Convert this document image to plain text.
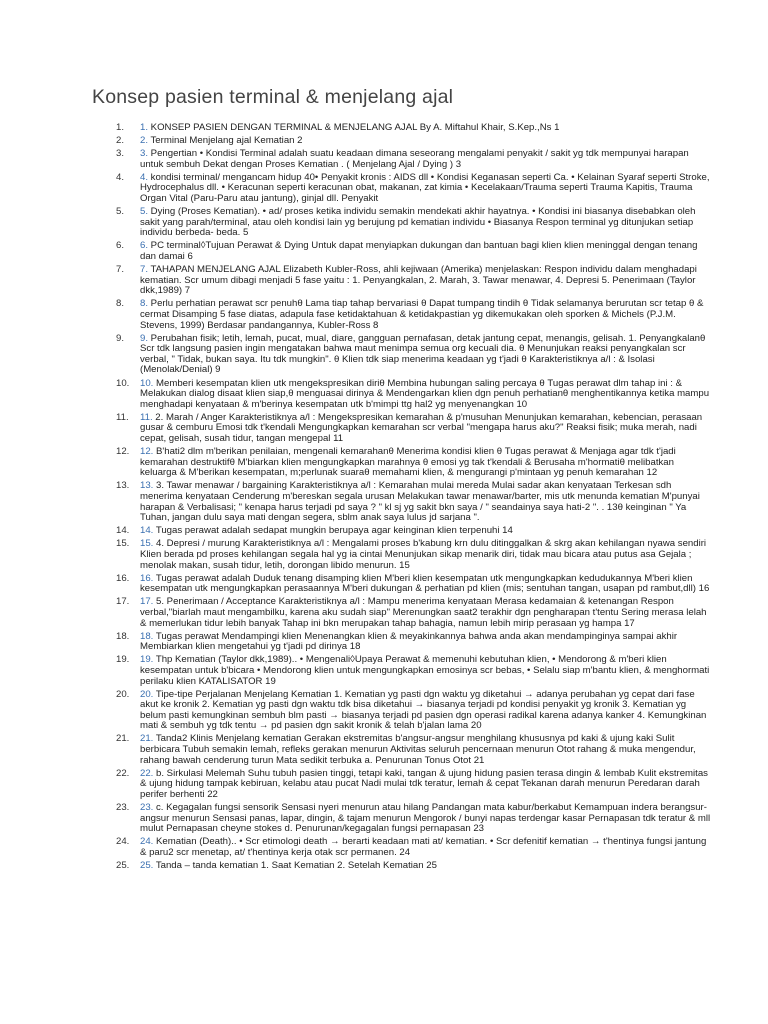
Konsep pasien terminal & menjelang ajal
1. 1. KONSEP PASIEN DENGAN TERMINAL & MENJELANG AJAL By A. Miftahul Khair, S.Kep.,Ns 1
2. 2. Terminal Menjelang ajal Kematian 2
3. 3. Pengertian • Kondisi Terminal adalah suatu keadaan dimana seseorang mengalami penyakit / sakit yg tdk mempunyai harapan untuk sembuh Dekat dengan Proses Kematian . ( Menjelang Ajal / Dying ) 3
4. 4. kondisi terminal/ mengancam hidup 40• Penyakit kronis : AIDS dll • Kondisi Keganasan seperti Ca. • Kelainan Syaraf seperti Stroke, Hydrocephalus dll. • Keracunan seperti keracunan obat, makanan, zat kimia • Kecelakaan/Trauma seperti Trauma Kapitis, Trauma Organ Vital (Paru-Paru atau jantung), ginjal dll. Penyakit
5. 5. Dying (Proses Kematian). • ad/ proses ketika individu semakin mendekati akhir hayatnya. • Kondisi ini biasanya disebabkan oleh sakit yang parah/terminal, atau oleh kondisi lain yg berujung pd kematian individu • Biasanya Respon terminal yg ditunjukan setiap individu berbeda- beda. 5
6. 6. PC terminal◊Tujuan Perawat & Dying Untuk dapat menyiapkan dukungan dan bantuan bagi klien klien meninggal dengan tenang dan damai 6
7. 7. TAHAPAN MENJELANG AJAL Elizabeth Kubler-Ross, ahli kejiwaan (Amerika) menjelaskan: Respon individu dalam menghadapi kematian. Scr umum dibagi menjadi 5 fase yaitu : 1. Penyangkalan, 2. Marah, 3. Tawar menawar, 4. Depresi 5. Penerimaan (Taylor dkk,1989) 7
8. 8. Perlu perhatian perawat scr penuhθ Lama tiap tahap bervariasi θ Dapat tumpang tindih θ Tidak selamanya berurutan scr tetap θ & cermat Disamping 5 fase diatas, adapula fase ketidaktahuan & ketidakpastian yg dikemukakan oleh sporken & Michels (P.J.M. Stevens, 1999) Berdasar pandangannya, Kubler-Ross 8
9. 9. Perubahan fisik; letih, lemah, pucat, mual, diare, gangguan pernafasan, detak jantung cepat, menangis, gelisah. 1. Penyangkalanθ Scr tdk langsung pasien ingin mengatakan bahwa maut menimpa semua org kecuali dia. θ Menunjukan reaksi penyangkalan scr verbal, " Tidak, bukan saya. Itu tdk mungkin". θ Klien tdk siap menerima keadaan yg t'jadi θ Karakteristiknya a/l : & Isolasi (Menolak/Denial) 9
10. 10. Memberi kesempatan klien utk mengekspresikan diriθ Membina hubungan saling percaya θ Tugas perawat dlm tahap ini : & Melakukan dialog disaat klien siap,θ menguasai dirinya & Mendengarkan klien dgn penuh perhatianθ menghentikannya ketika mampu menghadapi kenyataan & m'berinya kesempatan utk b'mimpi ttg hal2 yg menyenangkan 10
11. 11. 2. Marah / Anger Karakteristiknya a/l : Mengekspresikan kemarahan & p'musuhan Menunjukan kemarahan, kebencian, perasaan gusar & cemburu Emosi tdk t'kendali Mengungkapkan kemarahan scr verbal "mengapa harus aku?" Reaksi fisik; muka merah, nadi cepat, gelisah, susah tidur, tangan mengepal 11
12. 12. B'hati2 dlm m'berikan penilaian, mengenali kemarahanθ Menerima kondisi klien θ Tugas perawat & Menjaga agar tdk t'jadi kemarahan destruktifθ M'biarkan klien mengungkapkan marahnya θ emosi yg tak t'kendali & Berusaha m'hormatiθ melibatkan keluarga & M'berikan kesempatan, m;perlunak suaraθ memahami klien, & mengurangi p'mintaan yg penuh kemarahan 12
13. 13. 3. Tawar menawar / bargaining Karakteristiknya a/l : Kemarahan mulai mereda Mulai sadar akan kenyataan Terkesan sdh menerima kenyataan Cenderung m'bereskan segala urusan Melakukan tawar menawar/barter, mis utk menunda kematian M'punyai harapan & Verbalisasi; " kenapa harus terjadi pd saya ? " kl sj yg sakit bkn saya / " seandainya saya hati-2 ". . 13θ keinginan " Ya Tuhan, jangan dulu saya mati dengan segera, sblm anak saya lulus jd sarjana ".
14. 14. Tugas perawat adalah sedapat mungkin berupaya agar keinginan klien terpenuhi 14
15. 15. 4. Depresi / murung Karakteristiknya a/l : Mengalami proses b'kabung krn dulu ditinggalkan & skrg akan kehilangan nyawa sendiri Klien berada pd proses kehilangan segala hal yg ia cintai Menunjukan sikap menarik diri, tidak mau bicara atau putus asa Gejala ; menolak makan, susah tidur, letih, dorongan libido menurun. 15
16. 16. Tugas perawat adalah Duduk tenang disamping klien M'beri klien kesempatan utk mengungkapkan kedudukannya M'beri klien kesempatan utk mengungkapkan perasaannya M'beri dukungan & perhatian pd klien (mis; sentuhan tangan, usapan pd rambut,dll) 16
17. 17. 5. Penerimaan / Acceptance Karakteristiknya a/l : Mampu menerima kenyataan Merasa kedamaian & ketenangan Respon verbal,"biarlah maut mengambilku, karena aku sudah siap" Merenungkan saat2 terakhir dgn pengharapan t'tentu Sering merasa lelah & memerlukan tidur lebih banyak Tahap ini bkn merupakan tahap bahagia, namun lebih mirip perasaan yg hampa 17
18. 18. Tugas perawat Mendampingi klien Menenangkan klien & meyakinkannya bahwa anda akan mendampinginya sampai akhir Membiarkan klien mengetahui yg t'jadi pd dirinya 18
19. 19. Thp Kematian (Taylor dkk,1989).. • Mengenali◊Upaya Perawat & memenuhi kebutuhan klien, • Mendorong & m'beri klien kesempatan untuk b'bicara • Mendorong klien untuk mengungkapkan emosinya scr bebas, • Selalu siap m'bantu klien, & menghormati perilaku klien KATALISATOR 19
20. 20. Tipe-tipe Perjalanan Menjelang Kematian 1. Kematian yg pasti dgn waktu yg diketahui → adanya perubahan yg cepat dari fase akut ke kronik 2. Kematian yg pasti dgn waktu tdk bisa diketahui → biasanya terjadi pd kondisi penyakit yg kronik 3. Kematian yg belum pasti kemungkinan sembuh blm pasti → biasanya terjadi pd pasien dgn operasi radikal karena adanya kanker 4. Kemungkinan mati & sembuh yg tdk tentu → pd pasien dgn sakit kronik & telah b'jalan lama 20
21. 21. Tanda2 Klinis Menjelang kematian Gerakan ekstremitas b'angsur-angsur menghilang khususnya pd kaki & ujung kaki Sulit berbicara Tubuh semakin lemah, refleks gerakan menurun Aktivitas seluruh pencernaan menurun Otot rahang & muka mengendur, rahang bawah cenderung turun Mata sedikit terbuka a. Penurunan Tonus Otot 21
22. 22. b. Sirkulasi Melemah Suhu tubuh pasien tinggi, tetapi kaki, tangan & ujung hidung pasien terasa dingin & lembab Kulit ekstremitas & ujung hidung tampak kebiruan, kelabu atau pucat Nadi mulai tdk teratur, lemah & cepat Tekanan darah menurun Peredaran darah perifer berhenti 22
23. 23. c. Kegagalan fungsi sensorik Sensasi nyeri menurun atau hilang Pandangan mata kabur/berkabut Kemampuan indera berangsur-angsur menurun Sensasi panas, lapar, dingin, & tajam menurun Mengorok / bunyi napas terdengar kasar Pernapasan tdk teratur & mll mulut Pernapasan cheyne stokes d. Penurunan/kegagalan fungsi pernapasan 23
24. 24. Kematian (Death).. • Scr etimologi death → berarti keadaan mati at/ kematian. • Scr defenitif kematian → t'hentinya fungsi jantung & paru2 scr menetap, at/ t'hentinya kerja otak scr permanen. 24
25. 25. Tanda – tanda kematian 1. Saat Kematian 2. Setelah Kematian 25
